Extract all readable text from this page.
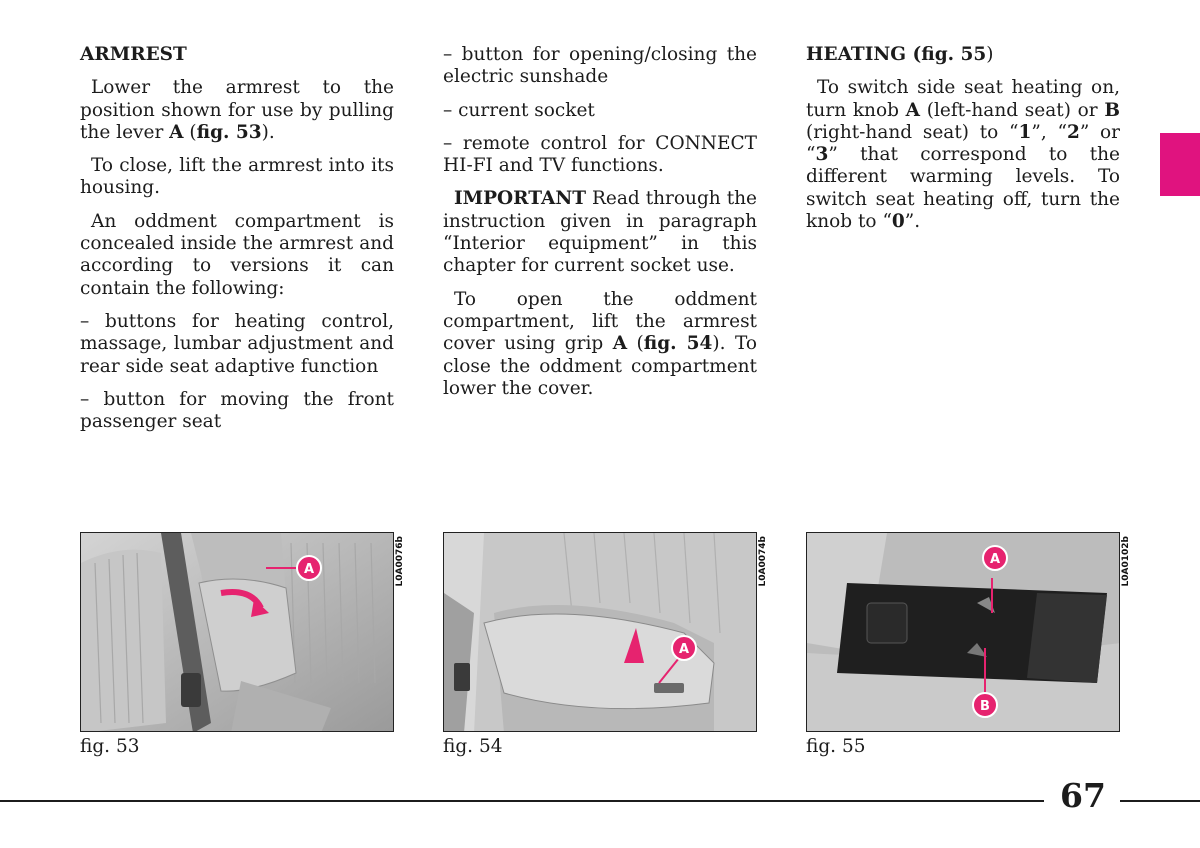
ARMREST

Lower the armrest to the position shown for use by pulling the lever A (fig. 53).

To close, lift the armrest into its housing.

An oddment compartment is concealed inside the armrest and according to versions it can contain the following:

– buttons for heating control, massage, lumbar adjustment and rear side seat adaptive function

– button for moving the front passenger seat

– button for opening/closing the electric sunshade

– current socket

– remote control for CONNECT HI-FI and TV functions.

IMPORTANT Read through the instruction given in paragraph “Interior equipment” in this chapter for current socket use.

To open the oddment compartment, lift the armrest cover using grip A (fig. 54). To close the oddment compartment lower the cover.

HEATING (fig. 55)

To switch side seat heating on, turn knob A (left-hand seat) or B (right-hand seat) to “1”, “2” or “3” that correspond to the different warming levels. To switch seat heating off, turn the knob to “0”.

A	L0A0076b
fig. 53
A
L0A0074b
fig. 54
A
B
L0A0102b
fig. 55
67
